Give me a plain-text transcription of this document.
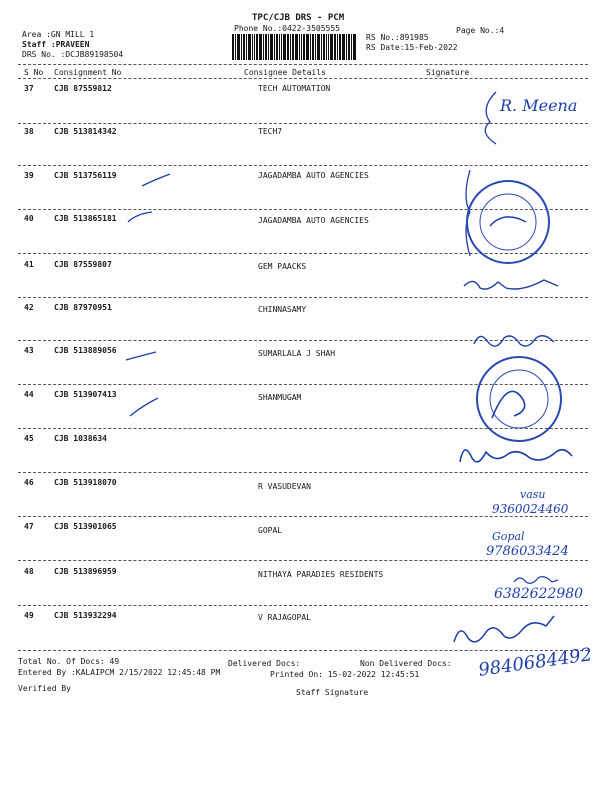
TPC/CJB DRS - PCM
Phone No.:0422-3505555	Page No.:4
Area :GN MILL 1
Staff :PRAVEEN
DRS No. :DCJB89198504
RS No.:891985
RS Date:15-Feb-2022
S No Consignment No	Consignee Details	Signature
37	CJB 87559812	TECH AUTOMATION
38	CJB 513814342	TECH7
39	CJB 513756119	JAGADAMBA AUTO AGENCIES
40	CJB 513865181	JAGADAMBA AUTO AGENCIES
41	CJB 87559807	GEM PAACKS
42	CJB 87970951	CHINNASAMY
43	CJB 513889056	SUMARLALA J SHAH
44	CJB 513907413	SHANMUGAM
45	CJB 1038634
46	CJB 513918070	R VASUDEVAN
47	CJB 513901065	GOPAL
48	CJB 513896959	NITHAYA PARADIES RESIDENTS
49	CJB 513932294	V RAJAGOPAL
Total No. Of Docs: 49	Delivered Docs:	Non Delivered Docs:
Entered By :KALAIPCM 2/15/2022 12:45:48 PM	Printed On: 15-02-2022 12:45:51
Verified By	Staff Signature
R. Meena
vasu
9360024460
Gopal
9786033424
6382622980
9840684492
